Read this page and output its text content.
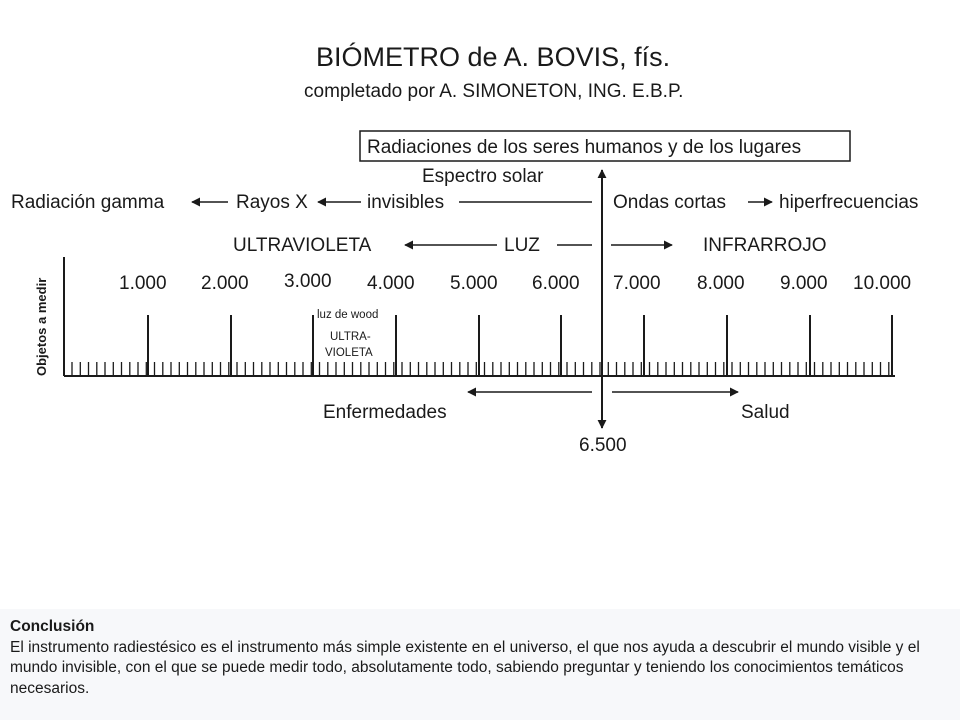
BIÓMETRO de A. BOVIS, fís.
completado por A. SIMONETON, ING. E.B.P.
Radiaciones de los seres humanos y de los lugares
Espectro solar
Radiación gamma	Rayos X	invisibles	Ondas cortas	hiperfrecuencias
ULTRAVIOLETA	LUZ	INFRARROJO
Objetos a medir	1.000 2.000 3.000 4.000 5.000 6.000 7.000 8.000 9.000 10.000
luz de wood
ULTRA-
VIOLETA
Enfermedades	Salud
6.500
Conclusión
El instrumento radiestésico es el instrumento más simple existente en el universo, el que nos ayuda a descubrir el mundo visible y el mundo invisible, con el que se puede medir todo, absolutamente todo, sabiendo preguntar y teniendo los conocimientos temáticos necesarios.
